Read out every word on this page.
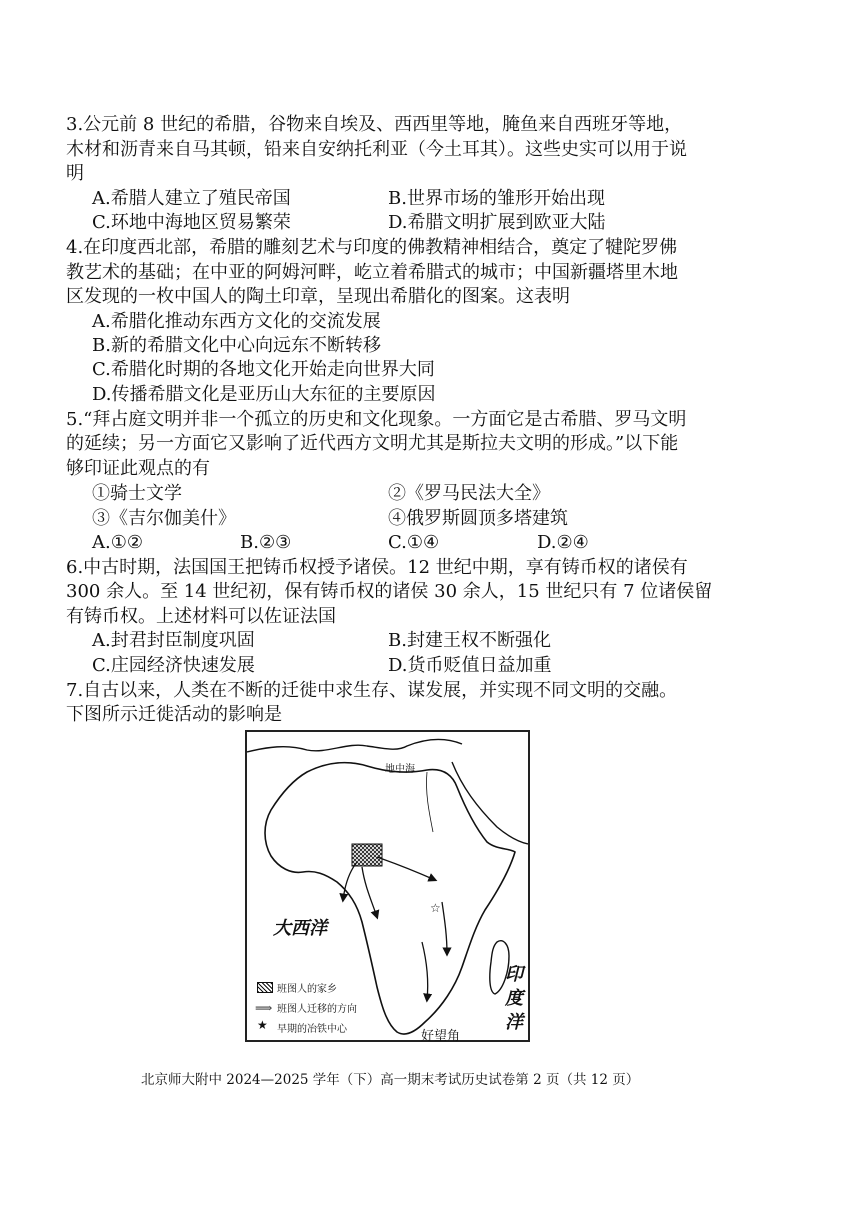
3.公元前 8 世纪的希腊，谷物来自埃及、西西里等地，腌鱼来自西班牙等地，
木材和沥青来自马其顿，铅来自安纳托利亚（今土耳其）。这些史实可以用于说
明
A.希腊人建立了殖民帝国	B.世界市场的雏形开始出现
C.环地中海地区贸易繁荣	D.希腊文明扩展到欧亚大陆
4.在印度西北部，希腊的雕刻艺术与印度的佛教精神相结合，奠定了犍陀罗佛
教艺术的基础；在中亚的阿姆河畔，屹立着希腊式的城市；中国新疆塔里木地
区发现的一枚中国人的陶土印章，呈现出希腊化的图案。这表明
A.希腊化推动东西方文化的交流发展
B.新的希腊文化中心向远东不断转移
C.希腊化时期的各地文化开始走向世界大同
D.传播希腊文化是亚历山大东征的主要原因
5.“拜占庭文明并非一个孤立的历史和文化现象。一方面它是古希腊、罗马文明
的延续；另一方面它又影响了近代西方文明尤其是斯拉夫文明的形成。”以下能
够印证此观点的有
①骑士文学	②《罗马民法大全》
③《吉尔伽美什》	④俄罗斯圆顶多塔建筑
A.①②	B.②③	C.①④	D.②④
6.中古时期，法国国王把铸币权授予诸侯。12 世纪中期，享有铸币权的诸侯有
300 余人。至 14 世纪初，保有铸币权的诸侯 30 余人，15 世纪只有 7 位诸侯留
有铸币权。上述材料可以佐证法国
A.封君封臣制度巩固	B.封建王权不断强化
C.庄园经济快速发展	D.货币贬值日益加重
7.自古以来，人类在不断的迁徙中求生存、谋发展，并实现不同文明的交融。
下图所示迁徙活动的影响是
☆
地中海
大西洋
印
度
洋
好望角
班图人的家乡
⟹ 班图人迁移的方向
★ 早期的冶铁中心
北京师大附中 2024—2025 学年（下）高一期末考试历史试卷第 2 页（共 12 页）
